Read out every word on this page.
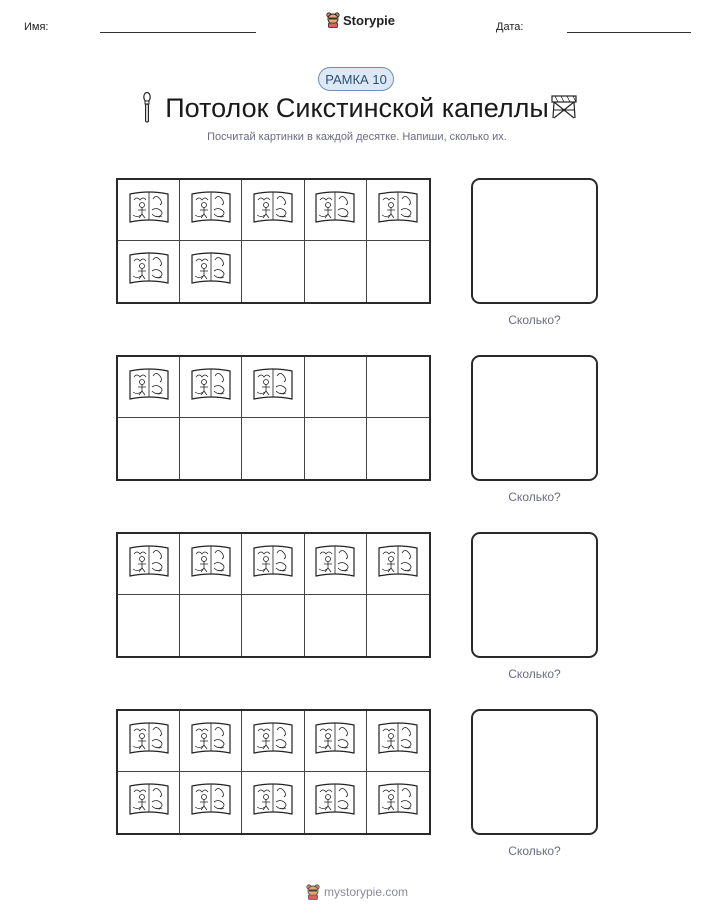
Имя:	Storypie	Дата:
РАМКА 10
Потолок Сикстинской капеллы
Посчитай картинки в каждой десятке. Напиши, сколько их.
Сколько?
Сколько?
Сколько?
Сколько?
mystorypie.com
